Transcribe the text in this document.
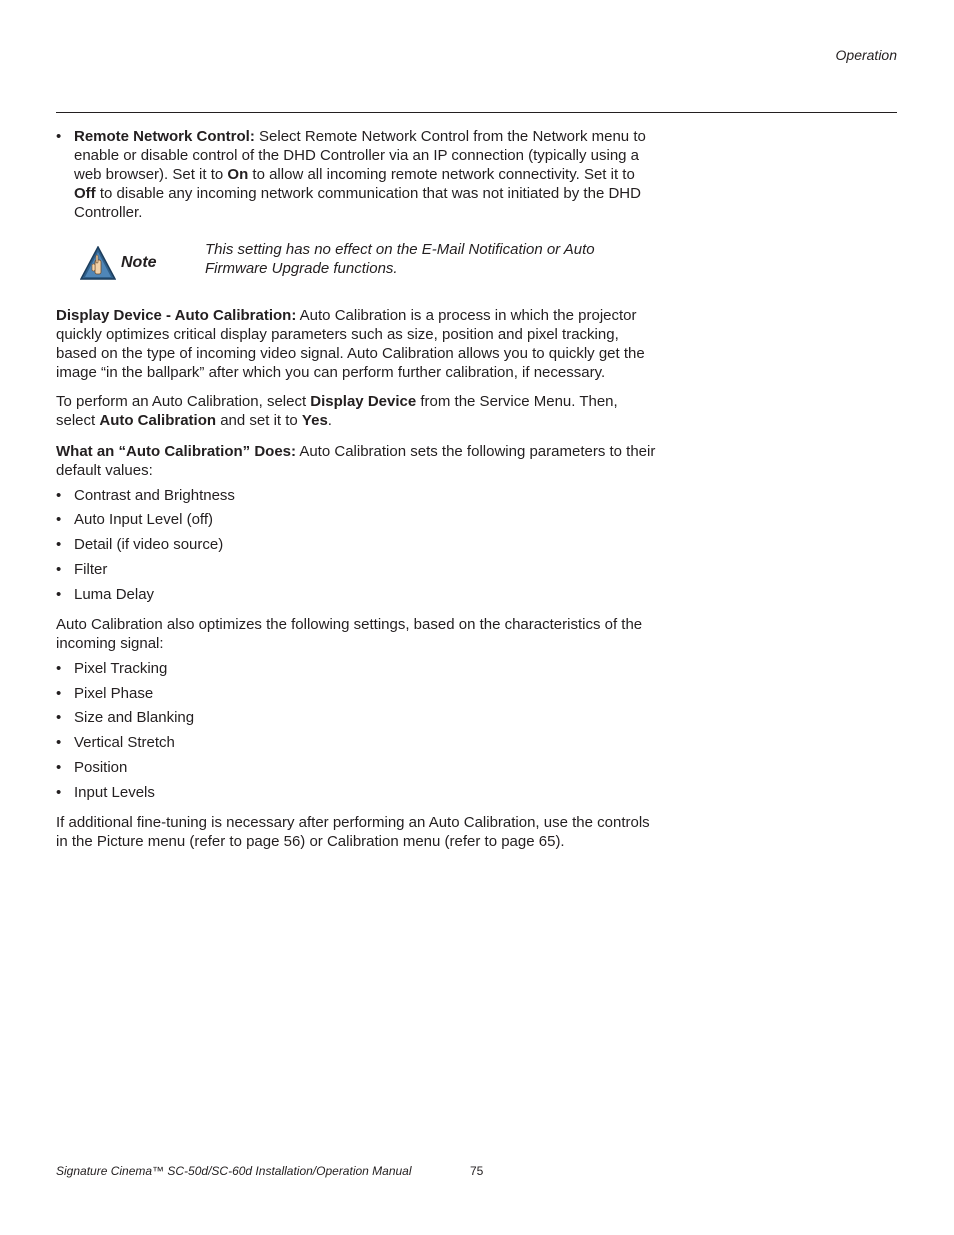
Operation
• Remote Network Control: Select Remote Network Control from the Network menu to enable or disable control of the DHD Controller via an IP connection (typically using a web browser). Set it to On to allow all incoming remote network connectivity. Set it to Off to disable any incoming network communication that was not initiated by the DHD Controller.
Note
This setting has no effect on the E-Mail Notification or Auto Firmware Upgrade functions.
Display Device - Auto Calibration: Auto Calibration is a process in which the projector quickly optimizes critical display parameters such as size, position and pixel tracking, based on the type of incoming video signal. Auto Calibration allows you to quickly get the image “in the ballpark” after which you can perform further calibration, if necessary.
To perform an Auto Calibration, select Display Device from the Service Menu. Then, select Auto Calibration and set it to Yes.
What an “Auto Calibration” Does: Auto Calibration sets the following parameters to their default values:
• Contrast and Brightness
• Auto Input Level (off)
• Detail (if video source)
• Filter
• Luma Delay
Auto Calibration also optimizes the following settings, based on the characteristics of the incoming signal:
• Pixel Tracking
• Pixel Phase
• Size and Blanking
• Vertical Stretch
• Position
• Input Levels
If additional fine-tuning is necessary after performing an Auto Calibration, use the controls in the Picture menu (refer to page 56) or Calibration menu (refer to page 65).
Signature Cinema™ SC-50d/SC-60d Installation/Operation Manual	75
